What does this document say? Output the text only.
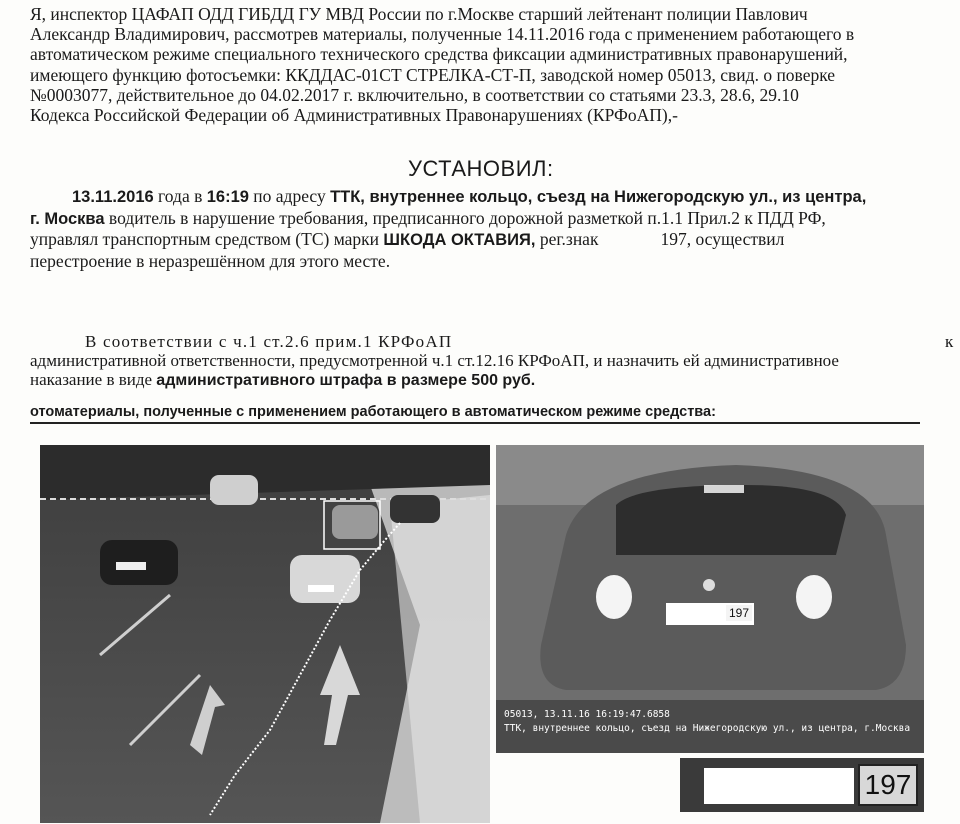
Я, инспектор ЦАФАП ОДД ГИБДД ГУ МВД России по г.Москве старший лейтенант полиции Павлович
Александр Владимирович, рассмотрев материалы, полученные 14.11.2016 года с применением работающего в
автоматическом режиме специального технического средства фиксации административных правонарушений,
имеющего функцию фотосъемки: ККДДАС-01СТ СТРЕЛКА-СТ-П, заводской номер 05013, свид. о поверке
№0003077, действительное до 04.02.2017 г. включительно, в соответствии со статьями 23.3, 28.6, 29.10
Кодекса Российской Федерации об Административных Правонарушениях (КРФоАП),-
УСТАНОВИЛ:
13.11.2016 года в 16:19 по адресу ТТК, внутреннее кольцо, съезд на Нижегородскую ул., из центра,
г. Москва водитель в нарушение требования, предписанного дорожной разметкой п.1.1 Прил.2 к ПДД РФ,
управлял транспортным средством (ТС) марки ШКОДА ОКТАВИЯ, рег.знак	197, осуществил
перестроение в неразрешённом для этого месте.
В соответствии с ч.1 ст.2.6 прим.1 КРФоАП	к
административной ответственности, предусмотренной ч.1 ст.12.16 КРФоАП, и назначить ей административное
наказание в виде административного штрафа в размере 500 руб.
отоматериалы, полученные с применением работающего в автоматическом режиме средства:
197
05013, 13.11.16 16:19:47.6858
ТТК, внутреннее кольцо, съезд на Нижегородскую ул., из центра, г.Москва
197
